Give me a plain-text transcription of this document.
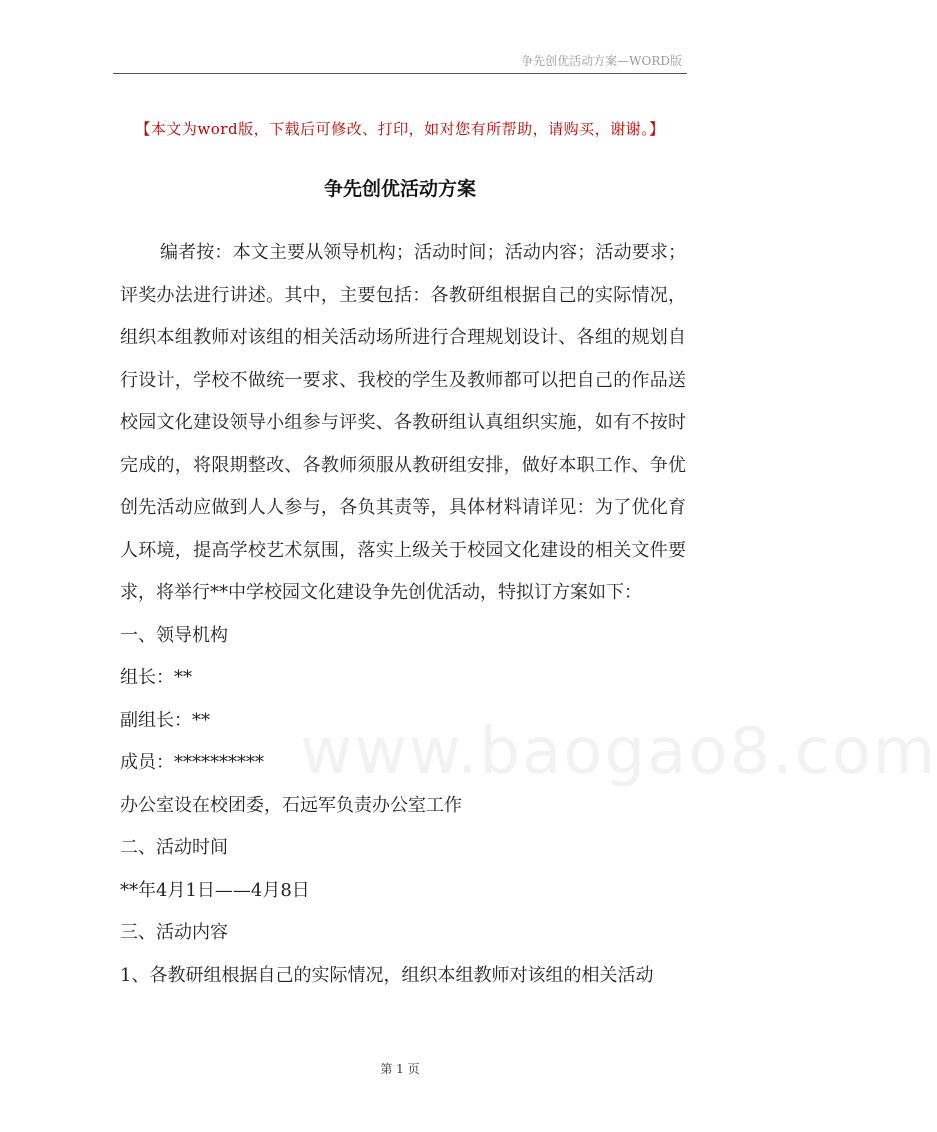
争先创优活动方案—WORD版
【本文为word版，下载后可修改、打印，如对您有所帮助，请购买，谢谢。】
争先创优活动方案
www.baogao8.com

编者按：本文主要从领导机构；活动时间；活动内容；活动要求；评奖办法进行讲述。其中，主要包括：各教研组根据自己的实际情况，组织本组教师对该组的相关活动场所进行合理规划设计、各组的规划自行设计，学校不做统一要求、我校的学生及教师都可以把自己的作品送校园文化建设领导小组参与评奖、各教研组认真组织实施，如有不按时完成的，将限期整改、各教师须服从教研组安排，做好本职工作、争优创先活动应做到人人参与，各负其责等，具体材料请详见：为了优化育人环境，提高学校艺术氛围，落实上级关于校园文化建设的相关文件要求，将举行**中学校园文化建设争先创优活动，特拟订方案如下：

一、领导机构

组长：**

副组长：**

成员：**********

办公室设在校团委，石远军负责办公室工作

二、活动时间

**年4月1日——4月8日

三、活动内容

1、各教研组根据自己的实际情况，组织本组教师对该组的相关活动

第 1 页
